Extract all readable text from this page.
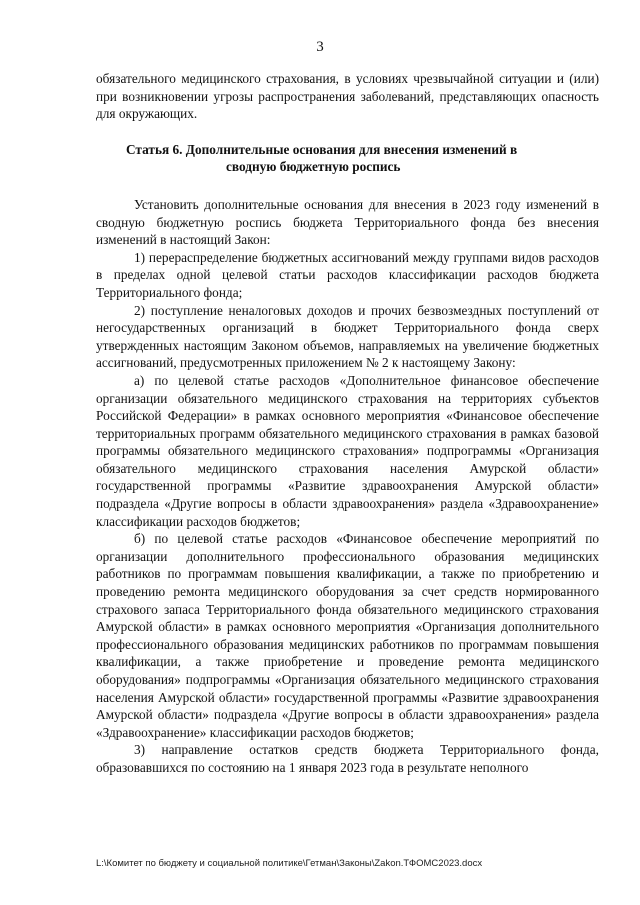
3

обязательного медицинского страхования, в условиях чрезвычайной ситуации и (или) при возникновении угрозы распространения заболеваний, представляющих опасность для окружающих.

Статья 6. Дополнительные основания для внесения изменений в
сводную бюджетную роспись

Установить дополнительные основания для внесения в 2023 году изменений в сводную бюджетную роспись бюджета Территориального фонда без внесения изменений в настоящий Закон:

1) перераспределение бюджетных ассигнований между группами видов расходов в пределах одной целевой статьи расходов классификации расходов бюджета Территориального фонда;

2) поступление неналоговых доходов и прочих безвозмездных поступлений от негосударственных организаций в бюджет Территориального фонда сверх утвержденных настоящим Законом объемов, направляемых на увеличение бюджетных ассигнований, предусмотренных приложением № 2 к настоящему Закону:

а) по целевой статье расходов «Дополнительное финансовое обеспечение организации обязательного медицинского страхования на территориях субъектов Российской Федерации» в рамках основного мероприятия «Финансовое обеспечение территориальных программ обязательного медицинского страхования в рамках базовой программы обязательного медицинского страхования» подпрограммы «Организация обязательного медицинского страхования населения Амурской области» государственной программы «Развитие здравоохранения Амурской области» подраздела «Другие вопросы в области здравоохранения» раздела «Здравоохранение» классификации расходов бюджетов;

б) по целевой статье расходов «Финансовое обеспечение мероприятий по организации дополнительного профессионального образования медицинских работников по программам повышения квалификации, а также по приобретению и проведению ремонта медицинского оборудования за счет средств нормированного страхового запаса Территориального фонда обязательного медицинского страхования Амурской области» в рамках основного мероприятия «Организация дополнительного профессионального образования медицинских работников по программам повышения квалификации, а также приобретение и проведение ремонта медицинского оборудования» подпрограммы «Организация обязательного медицинского страхования населения Амурской области» государственной программы «Развитие здравоохранения Амурской области» подраздела «Другие вопросы в области здравоохранения» раздела «Здравоохранение» классификации расходов бюджетов;

3) направление остатков средств бюджета Территориального фонда, образовавшихся по состоянию на 1 января 2023 года в результате неполного

L:\Комитет по бюджету и социальной политике\Гетман\Законы\Zakon.ТФОМС2023.docx
